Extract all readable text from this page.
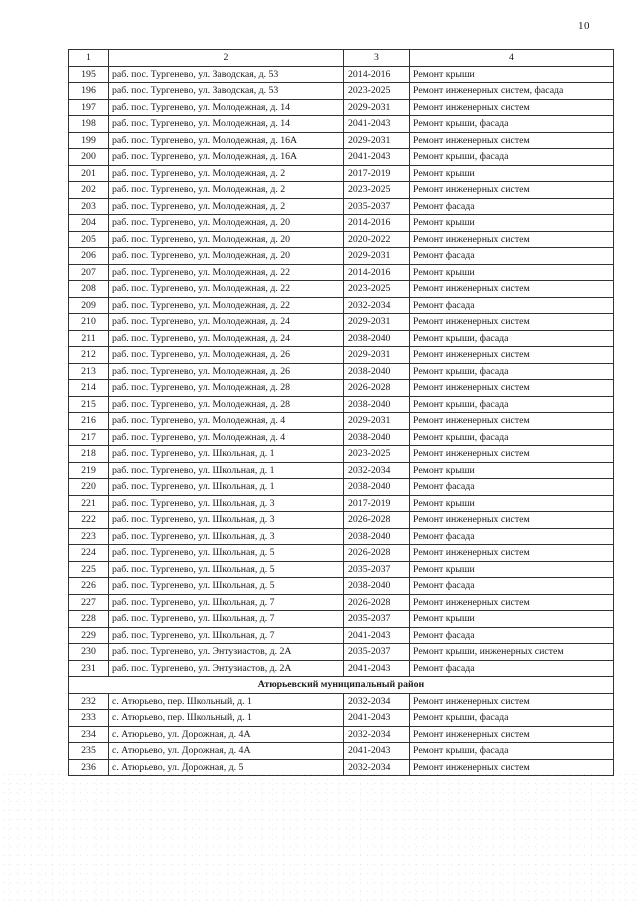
10
1	2	3	4
195	раб. пос. Тургенево, ул. Заводская, д. 53	2014-2016	Ремонт крыши
196	раб. пос. Тургенево, ул. Заводская, д. 53	2023-2025	Ремонт инженерных систем, фасада
197	раб. пос. Тургенево, ул. Молодежная, д. 14	2029-2031	Ремонт инженерных систем
198	раб. пос. Тургенево, ул. Молодежная, д. 14	2041-2043	Ремонт крыши, фасада
199	раб. пос. Тургенево, ул. Молодежная, д. 16А	2029-2031	Ремонт инженерных систем
200	раб. пос. Тургенево, ул. Молодежная, д. 16А	2041-2043	Ремонт крыши, фасада
201	раб. пос. Тургенево, ул. Молодежная, д. 2	2017-2019	Ремонт крыши
202	раб. пос. Тургенево, ул. Молодежная, д. 2	2023-2025	Ремонт инженерных систем
203	раб. пос. Тургенево, ул. Молодежная, д. 2	2035-2037	Ремонт фасада
204	раб. пос. Тургенево, ул. Молодежная, д. 20	2014-2016	Ремонт крыши
205	раб. пос. Тургенево, ул. Молодежная, д. 20	2020-2022	Ремонт инженерных систем
206	раб. пос. Тургенево, ул. Молодежная, д. 20	2029-2031	Ремонт фасада
207	раб. пос. Тургенево, ул. Молодежная, д. 22	2014-2016	Ремонт крыши
208	раб. пос. Тургенево, ул. Молодежная, д. 22	2023-2025	Ремонт инженерных систем
209	раб. пос. Тургенево, ул. Молодежная, д. 22	2032-2034	Ремонт фасада
210	раб. пос. Тургенево, ул. Молодежная, д. 24	2029-2031	Ремонт инженерных систем
211	раб. пос. Тургенево, ул. Молодежная, д. 24	2038-2040	Ремонт крыши, фасада
212	раб. пос. Тургенево, ул. Молодежная, д. 26	2029-2031	Ремонт инженерных систем
213	раб. пос. Тургенево, ул. Молодежная, д. 26	2038-2040	Ремонт крыши, фасада
214	раб. пос. Тургенево, ул. Молодежная, д. 28	2026-2028	Ремонт инженерных систем
215	раб. пос. Тургенево, ул. Молодежная, д. 28	2038-2040	Ремонт крыши, фасада
216	раб. пос. Тургенево, ул. Молодежная, д. 4	2029-2031	Ремонт инженерных систем
217	раб. пос. Тургенево, ул. Молодежная, д. 4	2038-2040	Ремонт крыши, фасада
218	раб. пос. Тургенево, ул. Школьная, д. 1	2023-2025	Ремонт инженерных систем
219	раб. пос. Тургенево, ул. Школьная, д. 1	2032-2034	Ремонт крыши
220	раб. пос. Тургенево, ул. Школьная, д. 1	2038-2040	Ремонт фасада
221	раб. пос. Тургенево, ул. Школьная, д. 3	2017-2019	Ремонт крыши
222	раб. пос. Тургенево, ул. Школьная, д. 3	2026-2028	Ремонт инженерных систем
223	раб. пос. Тургенево, ул. Школьная, д. 3	2038-2040	Ремонт фасада
224	раб. пос. Тургенево, ул. Школьная, д. 5	2026-2028	Ремонт инженерных систем
225	раб. пос. Тургенево, ул. Школьная, д. 5	2035-2037	Ремонт крыши
226	раб. пос. Тургенево, ул. Школьная, д. 5	2038-2040	Ремонт фасада
227	раб. пос. Тургенево, ул. Школьная, д. 7	2026-2028	Ремонт инженерных систем
228	раб. пос. Тургенево, ул. Школьная, д. 7	2035-2037	Ремонт крыши
229	раб. пос. Тургенево, ул. Школьная, д. 7	2041-2043	Ремонт фасада
230	раб. пос. Тургенево, ул. Энтузиастов, д. 2А	2035-2037	Ремонт крыши, инженерных систем
231	раб. пос. Тургенево, ул. Энтузиастов, д. 2А	2041-2043	Ремонт фасада
Атюрьевский муниципальный район			
232	с. Атюрьево, пер. Школьный, д. 1	2032-2034	Ремонт инженерных систем
233	с. Атюрьево, пер. Школьный, д. 1	2041-2043	Ремонт крыши, фасада
234	с. Атюрьево, ул. Дорожная, д. 4А	2032-2034	Ремонт инженерных систем
235	с. Атюрьево, ул. Дорожная, д. 4А	2041-2043	Ремонт крыши, фасада
236	с. Атюрьево, ул. Дорожная, д. 5	2032-2034	Ремонт инженерных систем
